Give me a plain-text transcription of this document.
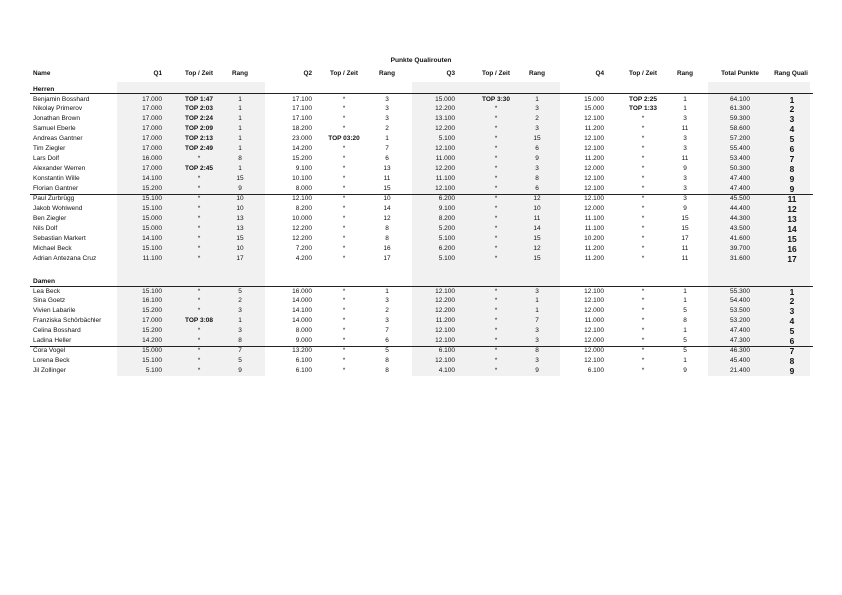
Punkte Qualirouten
Name	Q1	Top / Zeit	Rang	Q2	Top / Zeit	Rang	Q3	Top / Zeit	Rang	Q4	Top / Zeit	Rang	Total Punkte	Rang Quali
Herren
Benjamin Bosshard	17.000	TOP 1:47	1	17.100	*	3	15.000	TOP 3:30	1	15.000	TOP 2:25	1	64.100	1
Nikolay Primerov	17.000	TOP 2:03	1	17.100	*	3	12.200	*	3	15.000	TOP 1:33	1	61.300	2
Jonathan Brown	17.000	TOP 2:24	1	17.100	*	3	13.100	*	2	12.100	*	3	59.300	3
Samuel Eberle	17.000	TOP 2:09	1	18.200	*	2	12.200	*	3	11.200	*	11	58.600	4
Andreas Gantner	17.000	TOP 2:13	1	23.000	TOP 03:20	1	5.100	*	15	12.100	*	3	57.200	5
Tim Ziegler	17.000	TOP 2:49	1	14.200	*	7	12.100	*	6	12.100	*	3	55.400	6
Lars Dolf	16.000	*	8	15.200	*	6	11.000	*	9	11.200	*	11	53.400	7
Alexander Werren	17.000	TOP 2:45	1	9.100	*	13	12.200	*	3	12.000	*	9	50.300	8
Konstantin Wille	14.100	*	15	10.100	*	11	11.100	*	8	12.100	*	3	47.400	9
Florian Gantner	15.200	*	9	8.000	*	15	12.100	*	6	12.100	*	3	47.400	9
Paul Zurbrügg	15.100	*	10	12.100	*	10	6.200	*	12	12.100	*	3	45.500	11
Jakob Wohlwend	15.100	*	10	8.200	*	14	9.100	*	10	12.000	*	9	44.400	12
Ben Ziegler	15.000	*	13	10.000	*	12	8.200	*	11	11.100	*	15	44.300	13
Nils Dolf	15.000	*	13	12.200	*	8	5.200	*	14	11.100	*	15	43.500	14
Sebastian Markert	14.100	*	15	12.200	*	8	5.100	*	15	10.200	*	17	41.600	15
Michael Beck	15.100	*	10	7.200	*	16	6.200	*	12	11.200	*	11	39.700	16
Adrian Antezana Cruz	11.100	*	17	4.200	*	17	5.100	*	15	11.200	*	11	31.600	17
Damen
Lea Beck	15.100	*	5	16.000	*	1	12.100	*	3	12.100	*	1	55.300	1
Sina Goetz	16.100	*	2	14.000	*	3	12.200	*	1	12.100	*	1	54.400	2
Vivien Labarile	15.200	*	3	14.100	*	2	12.200	*	1	12.000	*	5	53.500	3
Franziska Schörbächler	17.000	TOP 3:08	1	14.000	*	3	11.200	*	7	11.000	*	8	53.200	4
Celina Bosshard	15.200	*	3	8.000	*	7	12.100	*	3	12.100	*	1	47.400	5
Ladina Heller	14.200	*	8	9.000	*	6	12.100	*	3	12.000	*	5	47.300	6
Cora Vogel	15.000	*	7	13.200	*	5	6.100	*	8	12.000	*	5	46.300	7
Lorena Beck	15.100	*	5	6.100	*	8	12.100	*	3	12.100	*	1	45.400	8
Jil Zollinger	5.100	*	9	6.100	*	8	4.100	*	9	6.100	*	9	21.400	9
